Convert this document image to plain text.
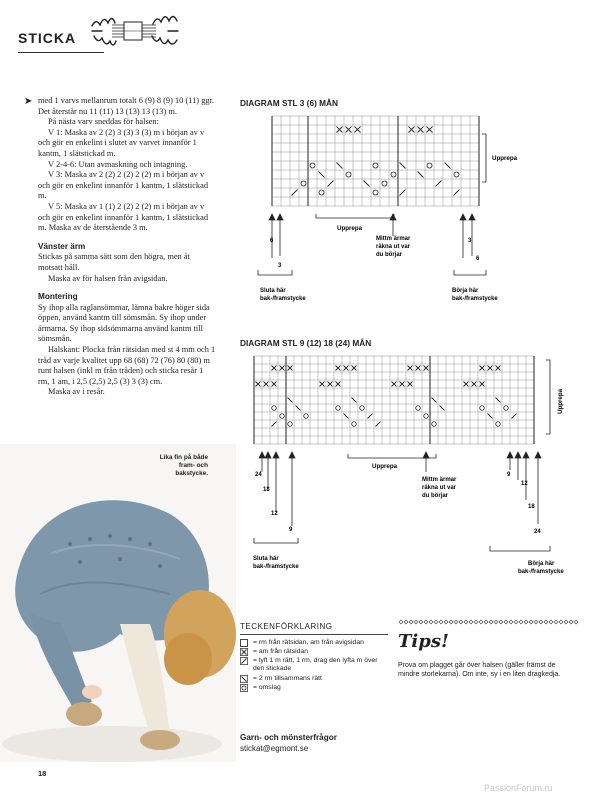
STICKA
➤ med 1 varvs mellanrum totalt 6 (9) 8 (9) 10 (11) ggr. Det återstår nu 11 (11) 13 (13) 13 (13) m.

På nästa varv sneddas för halsen:

V 1: Maska av 2 (2) 3 (3) 3 (3) m i början av v och gör en enkelint i slutet av varvet innanför 1 kantm, 1 slätstickad m.

V 2-4-6: Utan avmaskning och intagning.

V 3: Maska av 2 (2) 2 (2) 2 (2) m i början av v och gör en enkelint innanför 1 kantm, 1 slätstickad m.

V 5: Maska av 1 (1) 2 (2) 2 (2) m i början av v och gör en enkelint innanför 1 kantm, 1 slätstickad m. Maska av de återstående 3 m.

Vänster ärm

Stickas på samma sätt som den högra, men åt motsatt håll.

Maska av för halsen från avigsidan.

Montering

Sy ihop alla raglansömmar, lämna bakre höger sida öppen, använd kantm till sömsmån. Sy ihop under ärmarna. Sy ihop sidsömmarna använd kantm till sömsmån.

Halskant: Plocka från rätsidan med st 4 mm och 1 tråd av varje kvalitet upp 68 (68) 72 (76) 80 (80) m runt halsen (inkl m från tråden) och sticka resår 1 rm, 1 am, i 2,5 (2,5) 2,5 (3) 3 (3) cm.

Maska av i resår.

Lika fin på både fram- och bakstycke.
DIAGRAM STL 3 (6) MÅN
Upprepa
Upprepa
6
3
3
6
Mittm ärmar
räkna ut var
du börjar
Sluta här
bak-/framstycke
Börja här
bak-/framstycke
DIAGRAM STL 9 (12) 18 (24) MÅN
Upprepa
Upprepa
24
18
12
9
9
12
18
24
Mittm ärmar
räkna ut var
du börjar
Sluta här
bak-/framstycke	Börja här
bak-/framstycke
TECKENFÖRKLARING
= rm från rätsidan, am från avigsidan
= am från rätsidan
= lyft 1 m rätt, 1 rm, drag den lyfta m över den stickade
= 2 rm tillsammans rätt
= omslag
Tips!
Prova om plagget går över halsen (gäller främst de mindre storlekarna). Om inte, sy i en liten dragkedja.
Garn- och mönsterfrågor
stickat@egmont.se
18
PassionForum.ru
